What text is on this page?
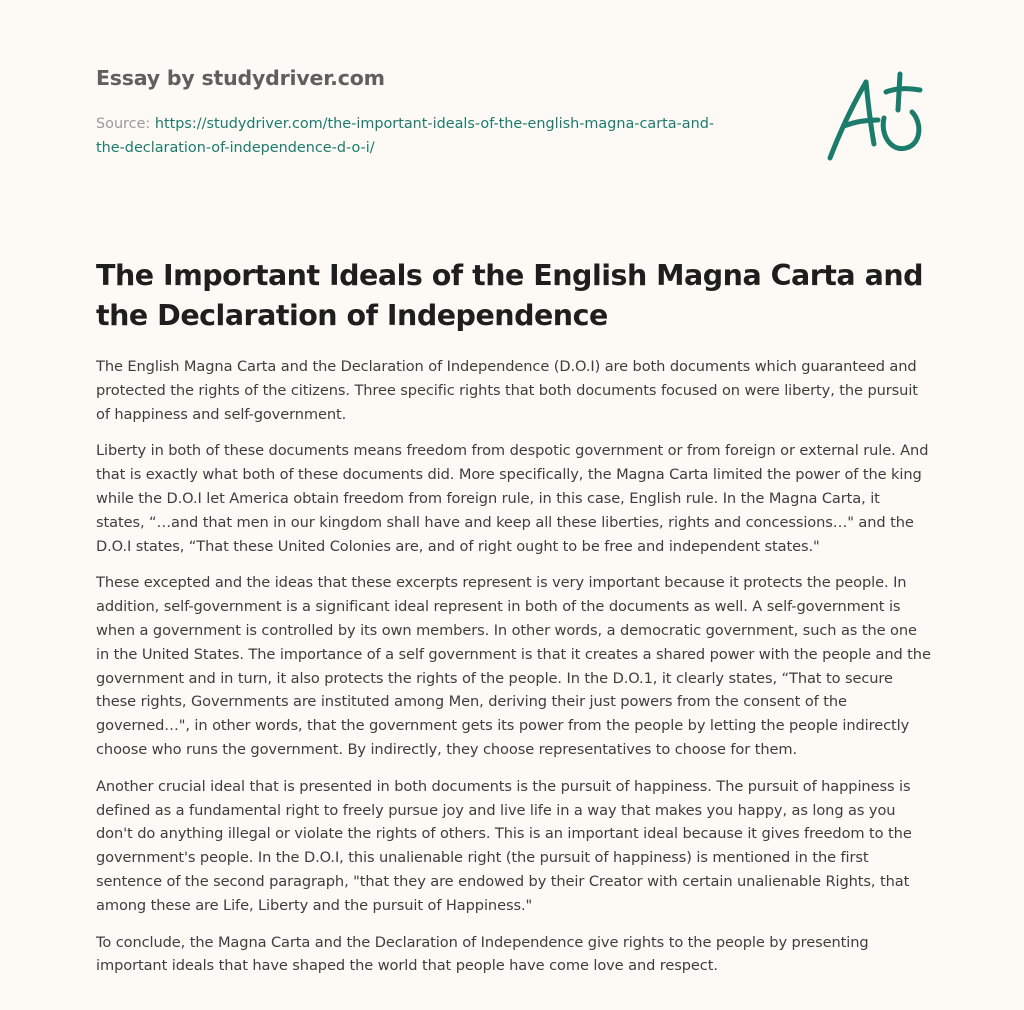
Essay by studydriver.com
Source: https://studydriver.com/the-important-ideals-of-the-english-magna-carta-and-
the-declaration-of-independence-d-o-i/
The Important Ideals of the English Magna Carta and the Declaration of Independence

The English Magna Carta and the Declaration of Independence (D.O.I) are both documents which guaranteed and protected the rights of the citizens. Three specific rights that both documents focused on were liberty, the pursuit of happiness and self-government.

Liberty in both of these documents means freedom from despotic government or from foreign or external rule. And that is exactly what both of these documents did. More specifically, the Magna Carta limited the power of the king while the D.O.I let America obtain freedom from foreign rule, in this case, English rule. In the Magna Carta, it states, “…and that men in our kingdom shall have and keep all these liberties, rights and concessions…" and the D.O.I states, “That these United Colonies are, and of right ought to be free and independent states."

These excepted and the ideas that these excerpts represent is very important because it protects the people. In addition, self-government is a significant ideal represent in both of the documents as well. A self-government is when a government is controlled by its own members. In other words, a democratic government, such as the one in the United States. The importance of a self government is that it creates a shared power with the people and the government and in turn, it also protects the rights of the people. In the D.O.1, it clearly states, “That to secure these rights, Governments are instituted among Men, deriving their just powers from the consent of the governed…", in other words, that the government gets its power from the people by letting the people indirectly choose who runs the government. By indirectly, they choose representatives to choose for them.

Another crucial ideal that is presented in both documents is the pursuit of happiness. The pursuit of happiness is defined as a fundamental right to freely pursue joy and live life in a way that makes you happy, as long as you don't do anything illegal or violate the rights of others. This is an important ideal because it gives freedom to the government's people. In the D.O.I, this unalienable right (the pursuit of happiness) is mentioned in the first sentence of the second paragraph, "that they are endowed by their Creator with certain unalienable Rights, that among these are Life, Liberty and the pursuit of Happiness."

To conclude, the Magna Carta and the Declaration of Independence give rights to the people by presenting important ideals that have shaped the world that people have come love and respect.
